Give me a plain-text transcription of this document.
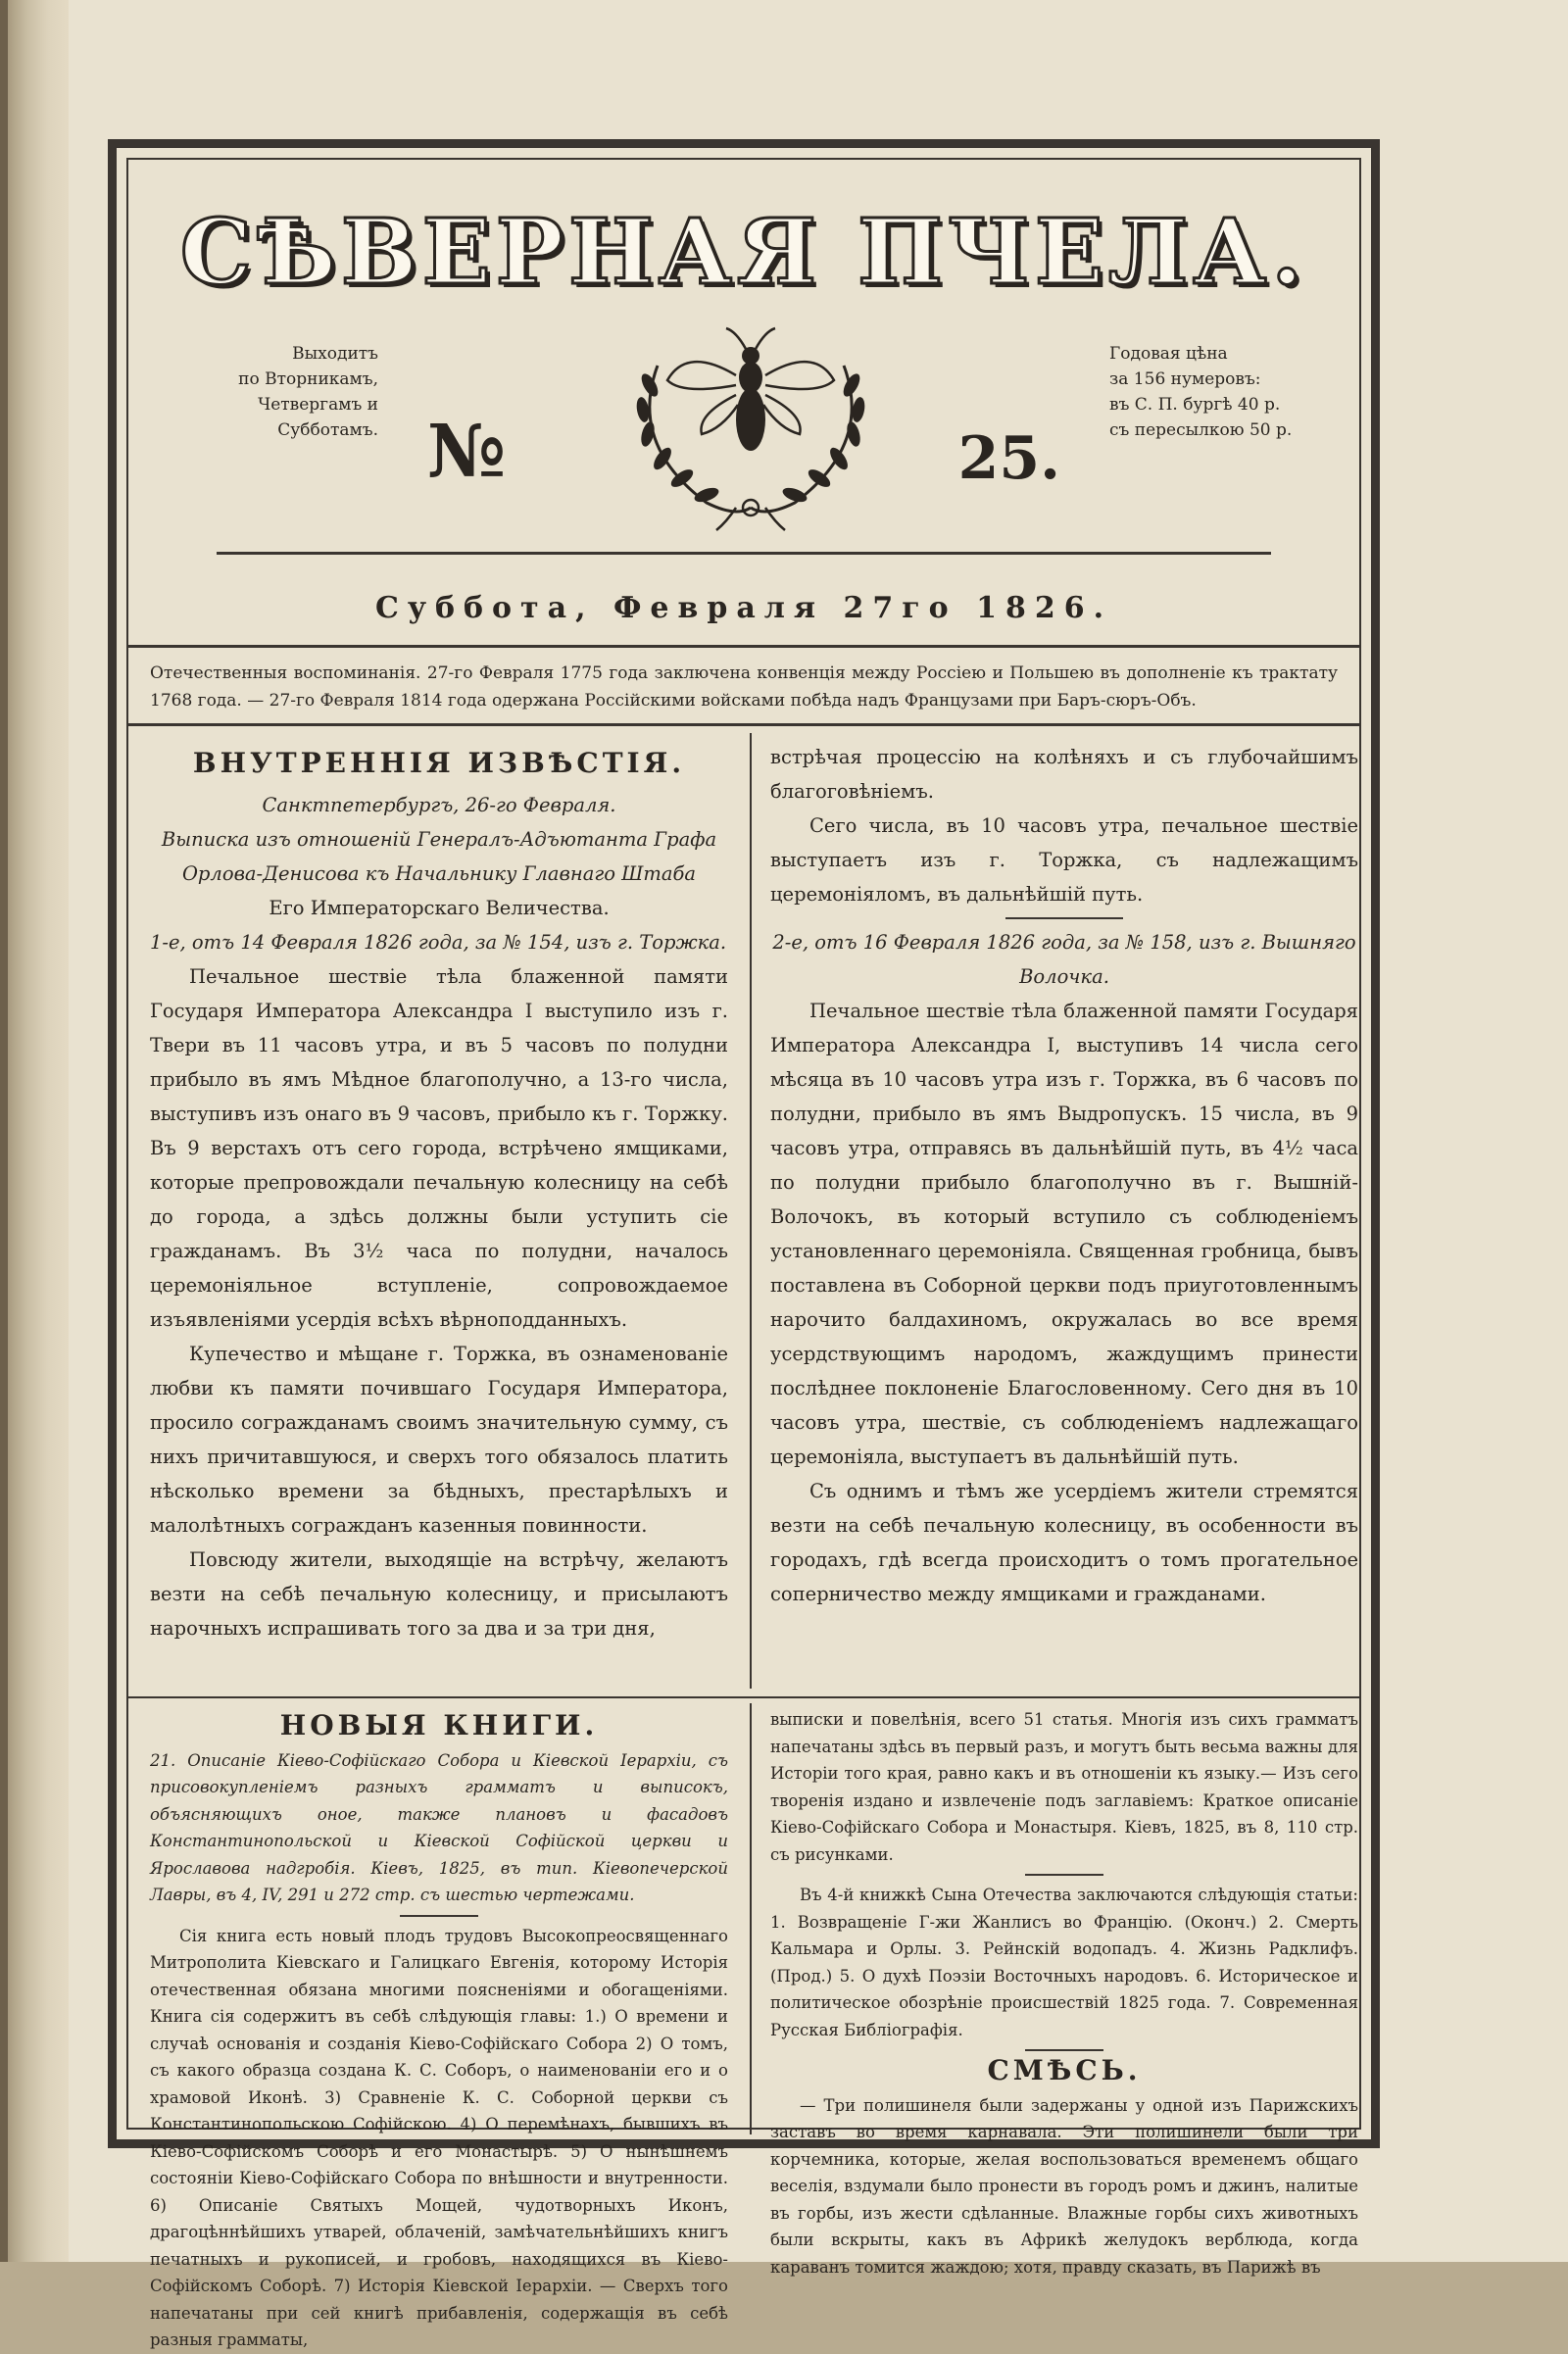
СѢВЕРНАЯ ПЧЕЛА.
Выходитъ
по Вторникамъ,
Четвергамъ и
Субботамъ.
Годовая цѣна
за 156 нумеровъ:
въ С. П. бургѣ 40 р.
съ пересылкою 50 р.
№	25.
Суббота, Февраля 27го 1826.
Отечественныя воспоминанія. 27-го Февраля 1775 года заключена конвенція между Россіею и Польшею въ дополненіе къ трактату 1768 года. — 27-го Февраля 1814 года одержана Россійскими войсками побѣда надъ Французами при Баръ-сюръ-Объ.
ВНУТРЕННІЯ ИЗВѢСТІЯ.

Санктпетербургъ, 26-го Февраля.

Выписка изъ отношеній Генералъ-Адъютанта Графа Орлова-Денисова къ Начальнику Главнаго Штаба

Его Императорскаго Величества.

1-е, отъ 14 Февраля 1826 года, за № 154, изъ г. Торжка.

Печальное шествіе тѣла блаженной памяти Государя Императора Александра I выступило изъ г. Твери въ 11 часовъ утра, и въ 5 часовъ по полудни прибыло въ ямъ Мѣдное благополучно, а 13-го числа, выступивъ изъ онаго въ 9 часовъ, прибыло къ г. Торжку. Въ 9 верстахъ отъ сего города, встрѣчено ямщиками, которые препровождали печальную колесницу на себѣ до города, а здѣсь должны были уступить сіе гражданамъ. Въ 3½ часа по полудни, началось церемоніяльное вступленіе, сопровождаемое изъявленіями усердія всѣхъ вѣрноподданныхъ.

Купечество и мѣщане г. Торжка, въ ознаменованіе любви къ памяти почившаго Государя Императора, просило согражданамъ своимъ значительную сумму, съ нихъ причитавшуюся, и сверхъ того обязалось платить нѣсколько времени за бѣдныхъ, престарѣлыхъ и малолѣтныхъ согражданъ казенныя повинности.

Повсюду жители, выходящіе на встрѣчу, желаютъ везти на себѣ печальную колесницу, и присылаютъ нарочныхъ испрашивать того за два и за три дня,

встрѣчая процессію на колѣняхъ и съ глубочайшимъ благоговѣніемъ.

Сего числа, въ 10 часовъ утра, печальное шествіе выступаетъ изъ г. Торжка, съ надлежащимъ церемоніяломъ, въ дальнѣйшій путь.

2-е, отъ 16 Февраля 1826 года, за № 158, изъ г. Вышняго Волочка.

Печальное шествіе тѣла блаженной памяти Государя Императора Александра I, выступивъ 14 числа сего мѣсяца въ 10 часовъ утра изъ г. Торжка, въ 6 часовъ по полудни, прибыло въ ямъ Выдропускъ. 15 числа, въ 9 часовъ утра, отправясь въ дальнѣйшій путь, въ 4½ часа по полудни прибыло благополучно въ г. Вышній-Волочокъ, въ который вступило съ соблюденіемъ установленнаго церемоніяла. Священная гробница, бывъ поставлена въ Соборной церкви подъ приуготовленнымъ нарочито балдахиномъ, окружалась во все время усердствующимъ народомъ, жаждущимъ принести послѣднее поклоненіе Благословенному. Сего дня въ 10 часовъ утра, шествіе, съ соблюденіемъ надлежащаго церемоніяла, выступаетъ въ дальнѣйшій путь.

Съ однимъ и тѣмъ же усердіемъ жители стремятся везти на себѣ печальную колесницу, въ особенности въ городахъ, гдѣ всегда происходитъ о томъ прогательное соперничество между ямщиками и гражданами.

НОВЫЯ КНИГИ.

21. Описаніе Кіево-Софійскаго Собора и Кіевской Іерархіи, съ присовокупленіемъ разныхъ грамматъ и выписокъ, объясняющихъ оное, также плановъ и фасадовъ Константинопольской и Кіевской Софійской церкви и Ярославова надгробія. Кіевъ, 1825, въ тип. Кіевопечерской Лавры, въ 4, IV, 291 и 272 стр. съ шестью чертежами.

Сія книга есть новый плодъ трудовъ Высокопреосвященнаго Митрополита Кіевскаго и Галицкаго Евгенія, которому Исторія отечественная обязана многими пояснeніями и обогащеніями. Книга сія содержитъ въ себѣ слѣдующія главы: 1.) О времени и случаѣ основанія и созданія Кіево-Софійскаго Собора 2) О томъ, съ какого образца создана К. С. Соборъ, о наименованіи его и о храмовой Иконѣ. 3) Сравненіе К. С. Соборной церкви съ Константинопольскою Софійскою. 4) О перемѣнахъ, бывшихъ въ Кіево-Софійскомъ Соборѣ и его Монастырѣ. 5) О нынѣшнемъ состояніи Кіево-Софійскаго Собора по внѣшности и внутренности. 6) Описаніе Святыхъ Мощей, чудотворныхъ Иконъ, драгоцѣннѣйшихъ утварей, облаченій, замѣчательнѣйшихъ книгъ печатныхъ и рукописей, и гробовъ, находящихся въ Кіево-Софійскомъ Соборѣ. 7) Исторія Кіевской Іерархіи. — Сверхъ того напечатаны при сей книгѣ прибавленія, содержащія въ себѣ разныя граммaты,

выписки и повелѣнія, всего 51 статья. Многія изъ сихъ грамматъ напечатаны здѣсь въ первый разъ, и могутъ быть весьма важны для Исторіи того края, равно какъ и въ отношеніи къ языку.— Изъ сего творенія издано и извлеченіе подъ заглавіемъ: Краткое описаніе Кіево-Софійскаго Собора и Монастыря. Кіевъ, 1825, въ 8, 110 стр. съ рисунками.

Въ 4-й книжкѣ Сына Отечества заключаются слѣдующія статьи: 1. Возвращеніе Г-жи Жанлисъ во Францію. (Оконч.) 2. Смерть Кальмара и Орлы. 3. Рейнскій водопадъ. 4. Жизнь Радклифъ. (Прод.) 5. О духѣ Поэзіи Восточныхъ народовъ. 6. Историческое и политическое обозрѣніе происшествій 1825 года. 7. Современная Русская Библіографія.

СМѢСЬ.

— Три полишинеля были задержаны у одной изъ Парижскихъ заставъ во время карнавала. Эти полишинели были три корчемника, которые, желая воспользоваться временемъ общаго веселія, вздумали было пронести въ городъ ромъ и джинъ, налитые въ горбы, изъ жести сдѣланные. Влажные горбы сихъ животныхъ были вскрыты, какъ въ Африкѣ желудокъ верблюда, когда каравaнъ томится жаждою; хотя, правду сказать, въ Парижѣ въ
